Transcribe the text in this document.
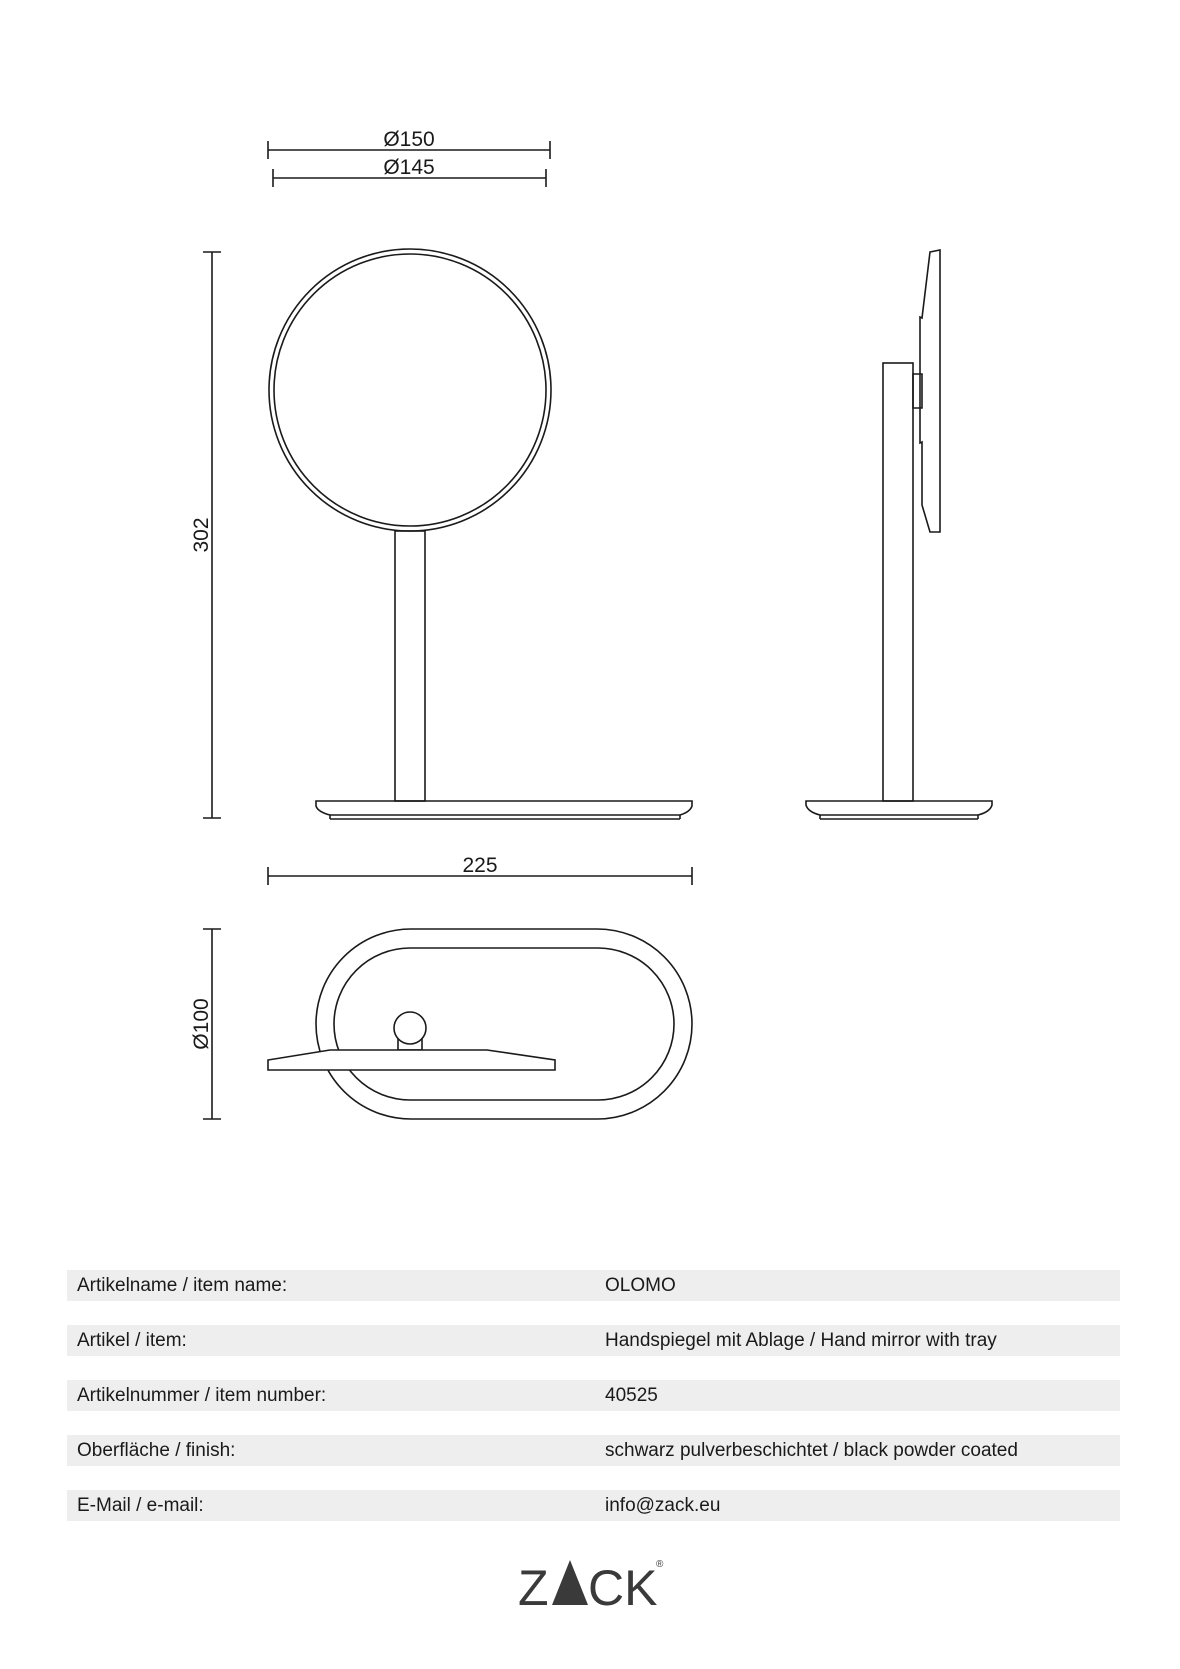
Ø150
Ø145
302
225
Ø100
Artikelname / item name:	OLOMO
Artikel / item:	Handspiegel mit Ablage / Hand mirror with tray
Artikelnummer / item number:	40525
Oberfläche / finish:	schwarz pulverbeschichtet / black powder coated
E-Mail / e-mail:	info@zack.eu
Z CK
®
